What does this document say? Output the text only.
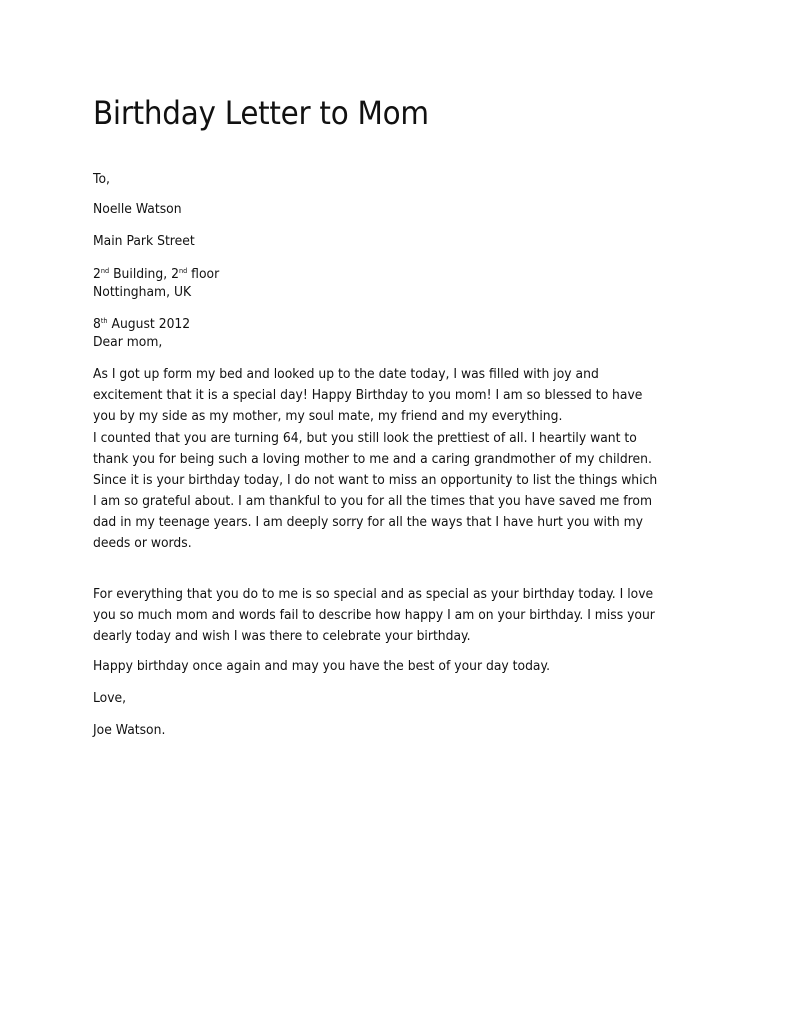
Birthday Letter to Mom
To,
Noelle Watson
Main Park Street
2nd Building, 2nd floor
Nottingham, UK
8th August 2012
Dear mom,
As I got up form my bed and looked up to the date today, I was filled with joy and
excitement that it is a special day! Happy Birthday to you mom! I am so blessed to have
you by my side as my mother, my soul mate, my friend and my everything.
I counted that you are turning 64, but you still look the prettiest of all. I heartily want to
thank you for being such a loving mother to me and a caring grandmother of my children.
Since it is your birthday today, I do not want to miss an opportunity to list the things which
I am so grateful about. I am thankful to you for all the times that you have saved me from
dad in my teenage years. I am deeply sorry for all the ways that I have hurt you with my
deeds or words.
For everything that you do to me is so special and as special as your birthday today. I love
you so much mom and words fail to describe how happy I am on your birthday. I miss your
dearly today and wish I was there to celebrate your birthday.
Happy birthday once again and may you have the best of your day today.
Love,
Joe Watson.
